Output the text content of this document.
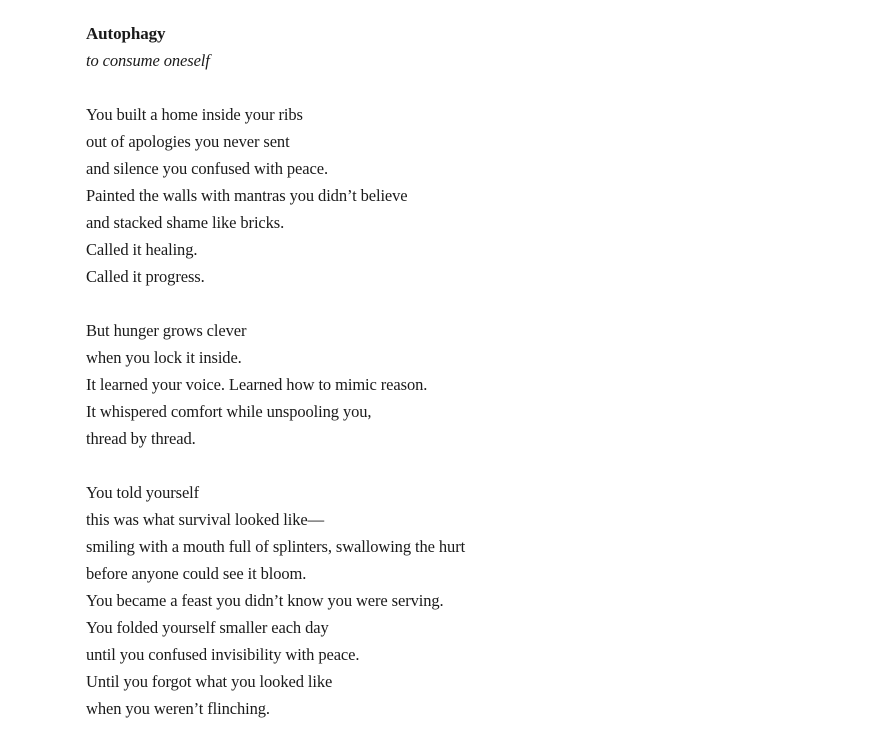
Autophagy
to consume oneself
You built a home inside your ribs
out of apologies you never sent
and silence you confused with peace.
Painted the walls with mantras you didn’t believe
and stacked shame like bricks.
Called it healing.
Called it progress.
But hunger grows clever
when you lock it inside.
It learned your voice. Learned how to mimic reason.
It whispered comfort while unspooling you,
thread by thread.
You told yourself
this was what survival looked like—
smiling with a mouth full of splinters, swallowing the hurt
before anyone could see it bloom.
You became a feast you didn’t know you were serving.
You folded yourself smaller each day
until you confused invisibility with peace.
Until you forgot what you looked like
when you weren’t flinching.
